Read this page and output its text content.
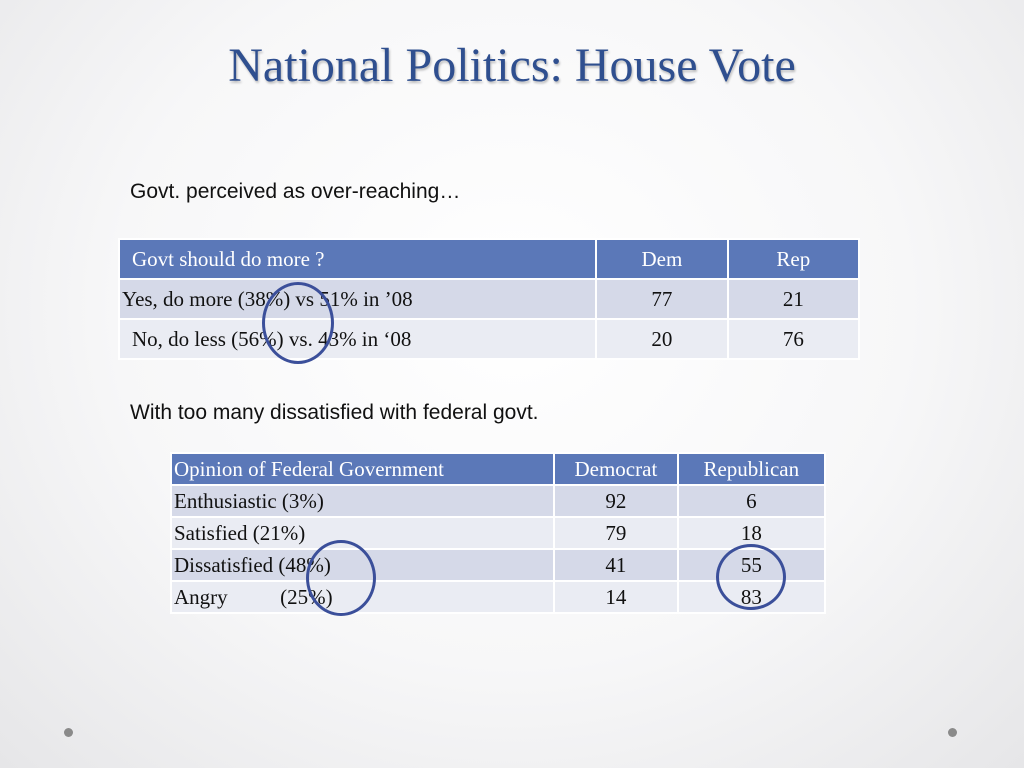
National Politics: House Vote
Govt. perceived as over-reaching…
Govt should do more ?	Dem	Rep
Yes, do more (38%) vs 51% in ’08	77	21
No, do less (56%) vs. 43% in ‘08	20	76
With too many dissatisfied with federal govt.
Opinion of Federal Government	Democrat	Republican
Enthusiastic (3%)	92	6
Satisfied (21%)	79	18
Dissatisfied (48%)	41	55
Angry          (25%)	14	83
